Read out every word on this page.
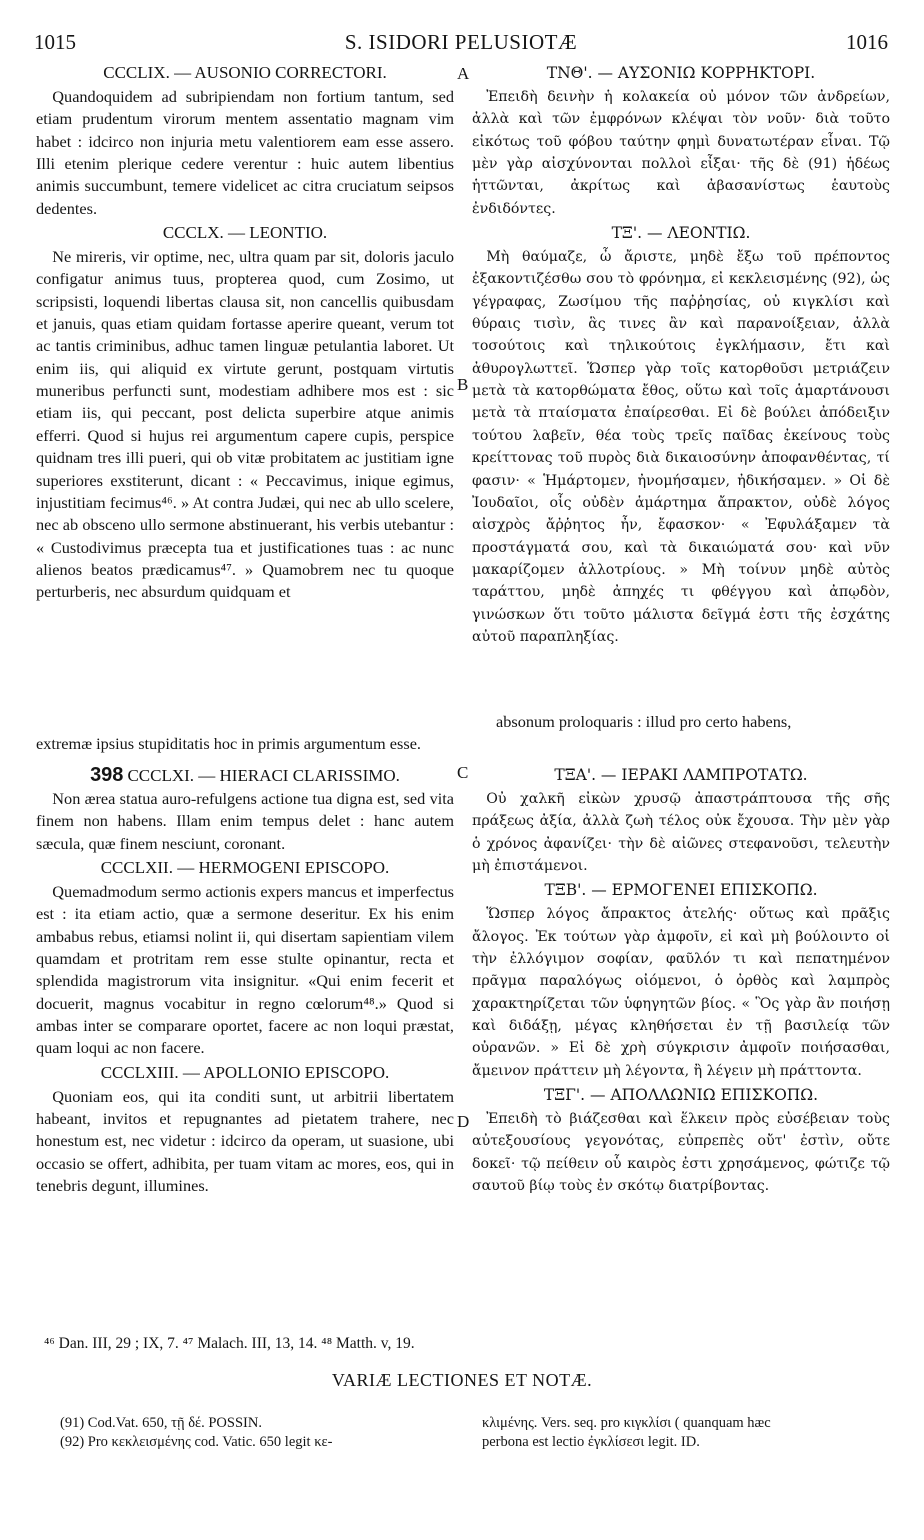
1015	S. ISIDORI PELUSIOTÆ	1016
A
B
C
D
CCCLIX. — AUSONIO CORRECTORI.

Quandoquidem ad subripiendam non fortium tantum, sed etiam prudentum virorum mentem assentatio magnam vim habet : idcirco non injuria metu valentiorem eam esse assero. Illi etenim plerique cedere verentur : huic autem libentius animis succumbunt, temere videlicet ac citra cruciatum seipsos dedentes.

CCCLX. — LEONTIO.

Ne mireris, vir optime, nec, ultra quam par sit, doloris jaculo configatur animus tuus, propterea quod, cum Zosimo, ut scripsisti, loquendi libertas clausa sit, non cancellis quibusdam et januis, quas etiam quidam fortasse aperire queant, verum tot ac tantis criminibus, adhuc tamen linguæ petulantia laboret. Ut enim iis, qui aliquid ex virtute gerunt, postquam virtutis muneribus perfuncti sunt, modestiam adhibere mos est : sic etiam iis, qui peccant, post delicta superbire atque animis efferri. Quod si hujus rei argumentum capere cupis, perspice quidnam tres illi pueri, qui ob vitæ probitatem ac justitiam igne superiores exstiterunt, dicant : « Peccavimus, inique egimus, injustitiam fecimus⁴⁶. » At contra Judæi, qui nec ab ullo scelere, nec ab obsceno ullo sermone abstinuerant, his verbis utebantur : « Custodivimus præcepta tua et justificationes tuas : ac nunc alienos beatos prædicamus⁴⁷. » Quamobrem nec tu quoque perturberis, nec absurdum quidquam et

ΤΝΘ'. — ΑΥΣΟΝΙΩ ΚΟΡΡΗΚΤΟΡΙ.

Ἐπειδὴ δεινὴν ἡ κολακεία οὐ μόνον τῶν ἀνδρείων, ἀλλὰ καὶ τῶν ἐμφρόνων κλέψαι τὸν νοῦν· διὰ τοῦτο εἰκότως τοῦ φόβου ταύτην φημὶ δυνατωτέραν εἶναι. Τῷ μὲν γὰρ αἰσχύνονται πολλοὶ εἶξαι· τῆς δὲ (91) ἡδέως ἡττῶνται, ἀκρίτως καὶ ἀβασανίστως ἑαυτοὺς ἐνδιδόντες.

ΤΞ'. — ΛΕΟΝΤΙΩ.

Μὴ θαύμαζε, ὦ ἄριστε, μηδὲ ἔξω τοῦ πρέποντος ἐξακοντιζέσθω σου τὸ φρόνημα, εἰ κεκλεισμένης (92), ὡς γέγραφας, Ζωσίμου τῆς παῤῥησίας, οὐ κιγκλίσι καὶ θύραις τισὶν, ἃς τινες ἂν καὶ παρανοίξειαν, ἀλλὰ τοσούτοις καὶ τηλικούτοις ἐγκλήμασιν, ἔτι καὶ ἀθυρογλωττεῖ. Ὥσπερ γὰρ τοῖς κατορθοῦσι μετριάζειν μετὰ τὰ κατορθώματα ἔθος, οὕτω καὶ τοῖς ἁμαρτάνουσι μετὰ τὰ πταίσματα ἐπαίρεσθαι. Εἰ δὲ βούλει ἀπόδειξιν τούτου λαβεῖν, θέα τοὺς τρεῖς παῖδας ἐκείνους τοὺς κρείττονας τοῦ πυρὸς διὰ δικαιοσύνην ἀποφανθέντας, τί φασιν· « Ἡμάρτομεν, ἠνομήσαμεν, ἠδικήσαμεν. » Οἱ δὲ Ἰουδαῖοι, οἷς οὐδὲν ἁμάρτημα ἄπρακτον, οὐδὲ λόγος αἰσχρὸς ἄῤῥητος ἦν, ἔφασκον· « Ἐφυλάξαμεν τὰ προστάγματά σου, καὶ τὰ δικαιώματά σου· καὶ νῦν μακαρίζομεν ἀλλοτρίους. » Μὴ τοίνυν μηδὲ αὐτὸς ταράττου, μηδὲ ἀπηχές τι φθέγγου καὶ ἀπῳδὸν, γινώσκων ὅτι τοῦτο μάλιστα δεῖγμά ἐστι τῆς ἐσχάτης αὐτοῦ παραπληξίας.

absonum proloquaris : illud pro certo habens,
extremæ ipsius stupiditatis hoc in primis argumentum esse.
398 CCCLXI. — HIERACI CLARISSIMO.

Non ærea statua auro-refulgens actione tua digna est, sed vita finem non habens. Illam enim tempus delet : hanc autem sæcula, quæ finem nesciunt, coronant.

CCCLXII. — HERMOGENI EPISCOPO.

Quemadmodum sermo actionis expers mancus et imperfectus est : ita etiam actio, quæ a sermone deseritur. Ex his enim ambabus rebus, etiamsi nolint ii, qui disertam sapientiam vilem quamdam et protritam rem esse stulte opinantur, recta et splendida magistrorum vita insignitur. «Qui enim fecerit et docuerit, magnus vocabitur in regno cœlorum⁴⁸.» Quod si ambas inter se comparare oportet, facere ac non loqui præstat, quam loqui ac non facere.

CCCLXIII. — APOLLONIO EPISCOPO.

Quoniam eos, qui ita conditi sunt, ut arbitrii libertatem habeant, invitos et repugnantes ad pietatem trahere, nec honestum est, nec videtur : idcirco da operam, ut suasione, ubi occasio se offert, adhibita, per tuam vitam ac mores, eos, qui in tenebris degunt, illumines.

ΤΞΑ'. — ΙΕΡΑΚΙ ΛΑΜΠΡΟΤΑΤΩ.

Οὐ χαλκῆ εἰκὼν χρυσῷ ἀπαστράπτουσα τῆς σῆς πράξεως ἀξία, ἀλλὰ ζωὴ τέλος οὐκ ἔχουσα. Τὴν μὲν γὰρ ὁ χρόνος ἀφανίζει· τὴν δὲ αἰῶνες στεφανοῦσι, τελευτὴν μὴ ἐπιστάμενοι.

ΤΞΒ'. — ΕΡΜΟΓΕΝΕΙ ΕΠΙΣΚΟΠΩ.

Ὥσπερ λόγος ἄπρακτος ἀτελής· οὕτως καὶ πρᾶξις ἄλογος. Ἐκ τούτων γὰρ ἀμφοῖν, εἰ καὶ μὴ βούλοιντο οἱ τὴν ἐλλόγιμον σοφίαν, φαῦλόν τι καὶ πεπατημένον πρᾶγμα παραλόγως οἰόμενοι, ὁ ὀρθὸς καὶ λαμπρὸς χαρακτηρίζεται τῶν ὑφηγητῶν βίος. « Ὃς γὰρ ἂν ποιήσῃ καὶ διδάξῃ, μέγας κληθήσεται ἐν τῇ βασιλείᾳ τῶν οὐρανῶν. » Εἰ δὲ χρὴ σύγκρισιν ἀμφοῖν ποιήσασθαι, ἄμεινον πράττειν μὴ λέγοντα, ἢ λέγειν μὴ πράττοντα.

ΤΞΓ'. — ΑΠΟΛΛΩΝΙΩ ΕΠΙΣΚΟΠΩ.

Ἐπειδὴ τὸ βιάζεσθαι καὶ ἕλκειν πρὸς εὐσέβειαν τοὺς αὐτεξουσίους γεγονότας, εὐπρεπὲς οὔτ' ἐστὶν, οὔτε δοκεῖ· τῷ πείθειν οὗ καιρὸς ἐστι χρησάμενος, φώτιζε τῷ σαυτοῦ βίῳ τοὺς ἐν σκότῳ διατρίβοντας.

⁴⁶ Dan. III, 29 ; IX, 7. ⁴⁷ Malach. III, 13, 14. ⁴⁸ Matth. v, 19.
VARIÆ LECTIONES ET NOTÆ.
(91) Cod.Vat. 650, τῇ δέ. POSSIN.
(92) Pro κεκλεισμένης cod. Vatic. 650 legit κε-
κλιμένης. Vers. seq. pro κιγκλίσι ( quanquam hæc
perbona est lectio ἐγκλίσεσι legit. ID.
